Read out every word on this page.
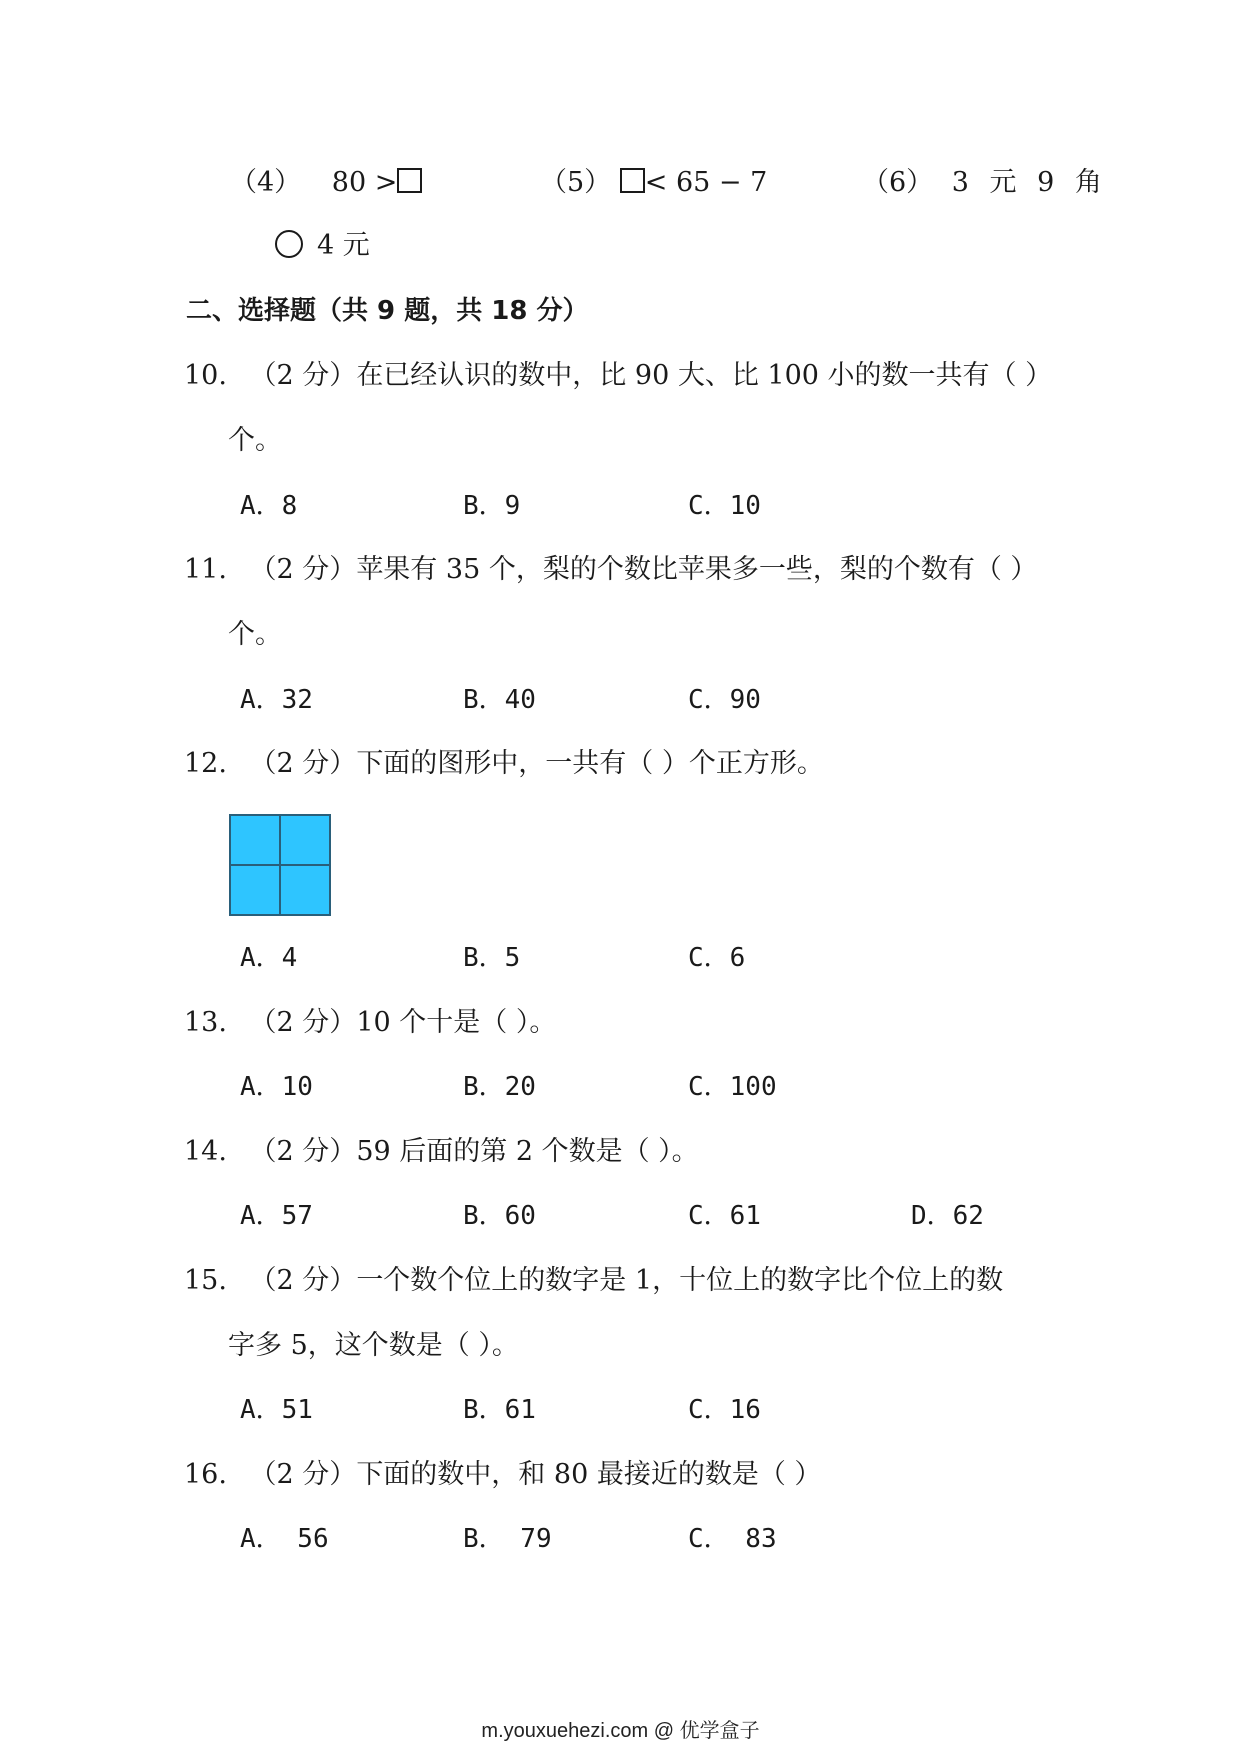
（4） 80 >	（5） < 65 − 7	（6） 3 元 9 角
4 元
二、选择题（共 9 题，共 18 分）
10. （2 分）在已经认识的数中，比 90 大、比 100 小的数一共有（ ）
个。
A．8	B．9	C．10
11. （2 分）苹果有 35 个，梨的个数比苹果多一些，梨的个数有（ ）
个。
A．32	B．40	C．90
12. （2 分）下面的图形中，一共有（ ）个正方形。
A．4	B．5	C．6
13. （2 分）10 个十是（ ）。
A．10	B．20	C．100
14. （2 分）59 后面的第 2 个数是（ ）。
A．57	B．60	C．61	D．62
15. （2 分）一个数个位上的数字是 1，十位上的数字比个位上的数
字多 5，这个数是（ ）。
A．51	B．61	C．16
16. （2 分）下面的数中，和 80 最接近的数是（ ）
A． 56	B． 79	C． 83
m.youxuehezi.com @ 优学盒子
